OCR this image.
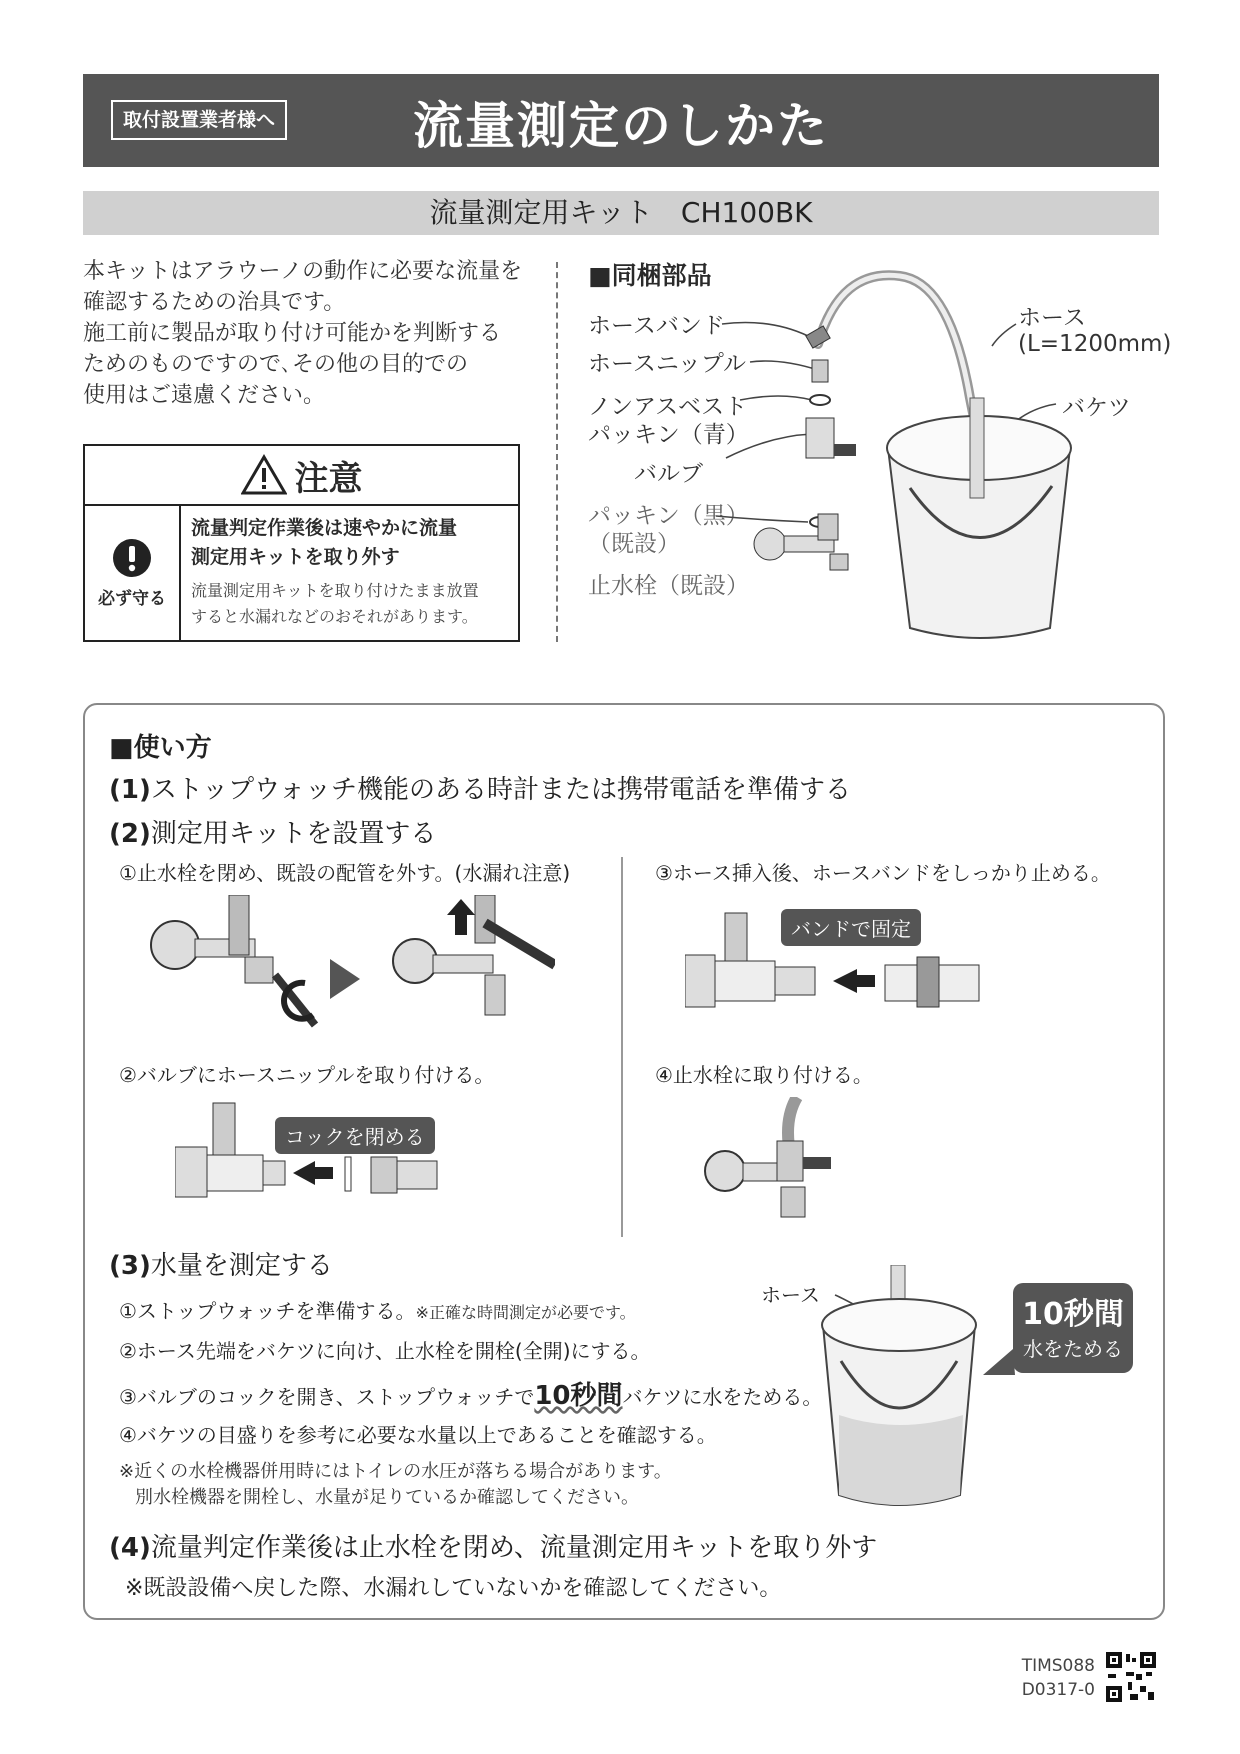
取付設置業者様へ	流量測定のしかた
流量測定用キット　CH100BK
本キットはアラウーノの動作に必要な流量を
確認するための治具です。
施工前に製品が取り付け可能かを判断する
ためのものですので､その他の目的での
使用はご遠慮ください。
注意
必ず守る
流量判定作業後は速やかに流量
測定用キットを取り外す
流量測定用キットを取り付けたまま放置
すると水漏れなどのおそれがあります。
■同梱部品
ホースバンド
ホースニップル
ノンアスベスト
パッキン（青）
バルブ
パッキン（黒）
（既設）
止水栓（既設）
ホース
(L=1200mm)
バケツ
■使い方
(1)ストップウォッチ機能のある時計または携帯電話を準備する
(2)測定用キットを設置する
①止水栓を閉め、既設の配管を外す。(水漏れ注意)	③ホース挿入後、ホースバンドをしっかり止める。
②バルブにホースニップルを取り付ける。	④止水栓に取り付ける。
バンドで固定
コックを閉める
(3)水量を測定する
①ストップウォッチを準備する。※正確な時間測定が必要です。
②ホース先端をバケツに向け、止水栓を開栓(全開)にする。
③バルブのコックを開き、ストップウォッチで10秒間バケツに水をためる。
④バケツの目盛りを参考に必要な水量以上であることを確認する。
※近くの水栓機器併用時にはトイレの水圧が落ちる場合があります。
別水栓機器を開栓し、水量が足りているか確認してください。
ホース
10秒間
水をためる
(4)流量判定作業後は止水栓を閉め、流量測定用キットを取り外す
※既設設備へ戻した際、水漏れしていないかを確認してください。
TIMS088
D0317-0
